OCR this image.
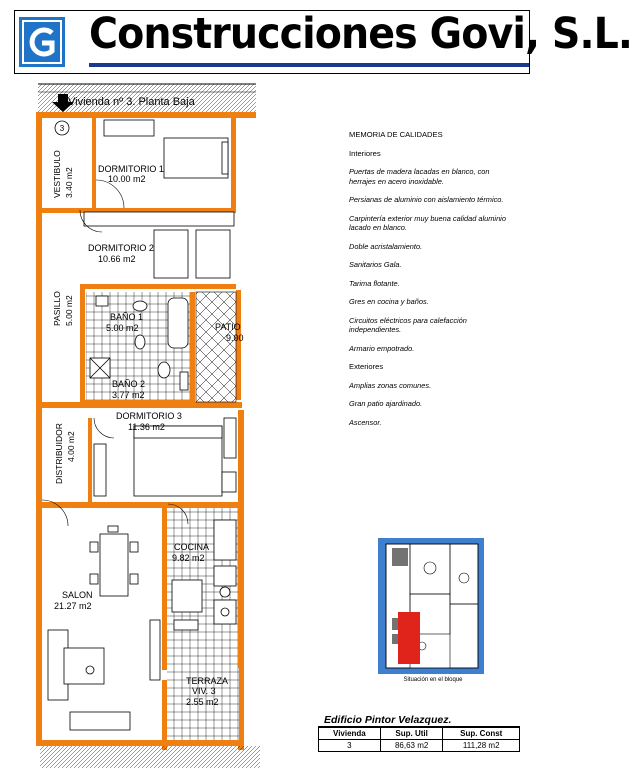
Construcciones Govi, S.L.
3
Vivienda nº 3. Planta Baja
VESTIBULO 3.40 m2	DORMITORIO 1
10.00 m2
DORMITORIO 2
10.66 m2
PASILLO 5.00 m2	BAÑO 1
5.00 m2	PATIO
9.00
BAÑO 2
3.77 m2
DORMITORIO 3
11.36 m2
DISTRIBUIDOR 4.00 m2
COCINA
9.82 m2
SALON
21.27 m2
TERRAZA
VIV. 3
2.55 m2
MEMORIA DE CALIDADES
Interiores
Puertas de madera lacadas en blanco, con herrajes en acero inoxidable.
Persianas de aluminio con aislamiento térmico.
Carpintería exterior muy buena calidad aluminio lacado en blanco.
Doble acristalamiento.
Sanitarios Gala.
Tarima flotante.
Gres en cocina y baños.
Circuitos eléctricos para calefacción independientes.
Armario empotrado.
Exteriores
Amplias zonas comunes.
Gran patio ajardinado.
Ascensor.
Situación en el bloque
Edificio Pintor Velazquez.
Vivienda	Sup. Util	Sup. Const
3	86,63 m2	111,28 m2
